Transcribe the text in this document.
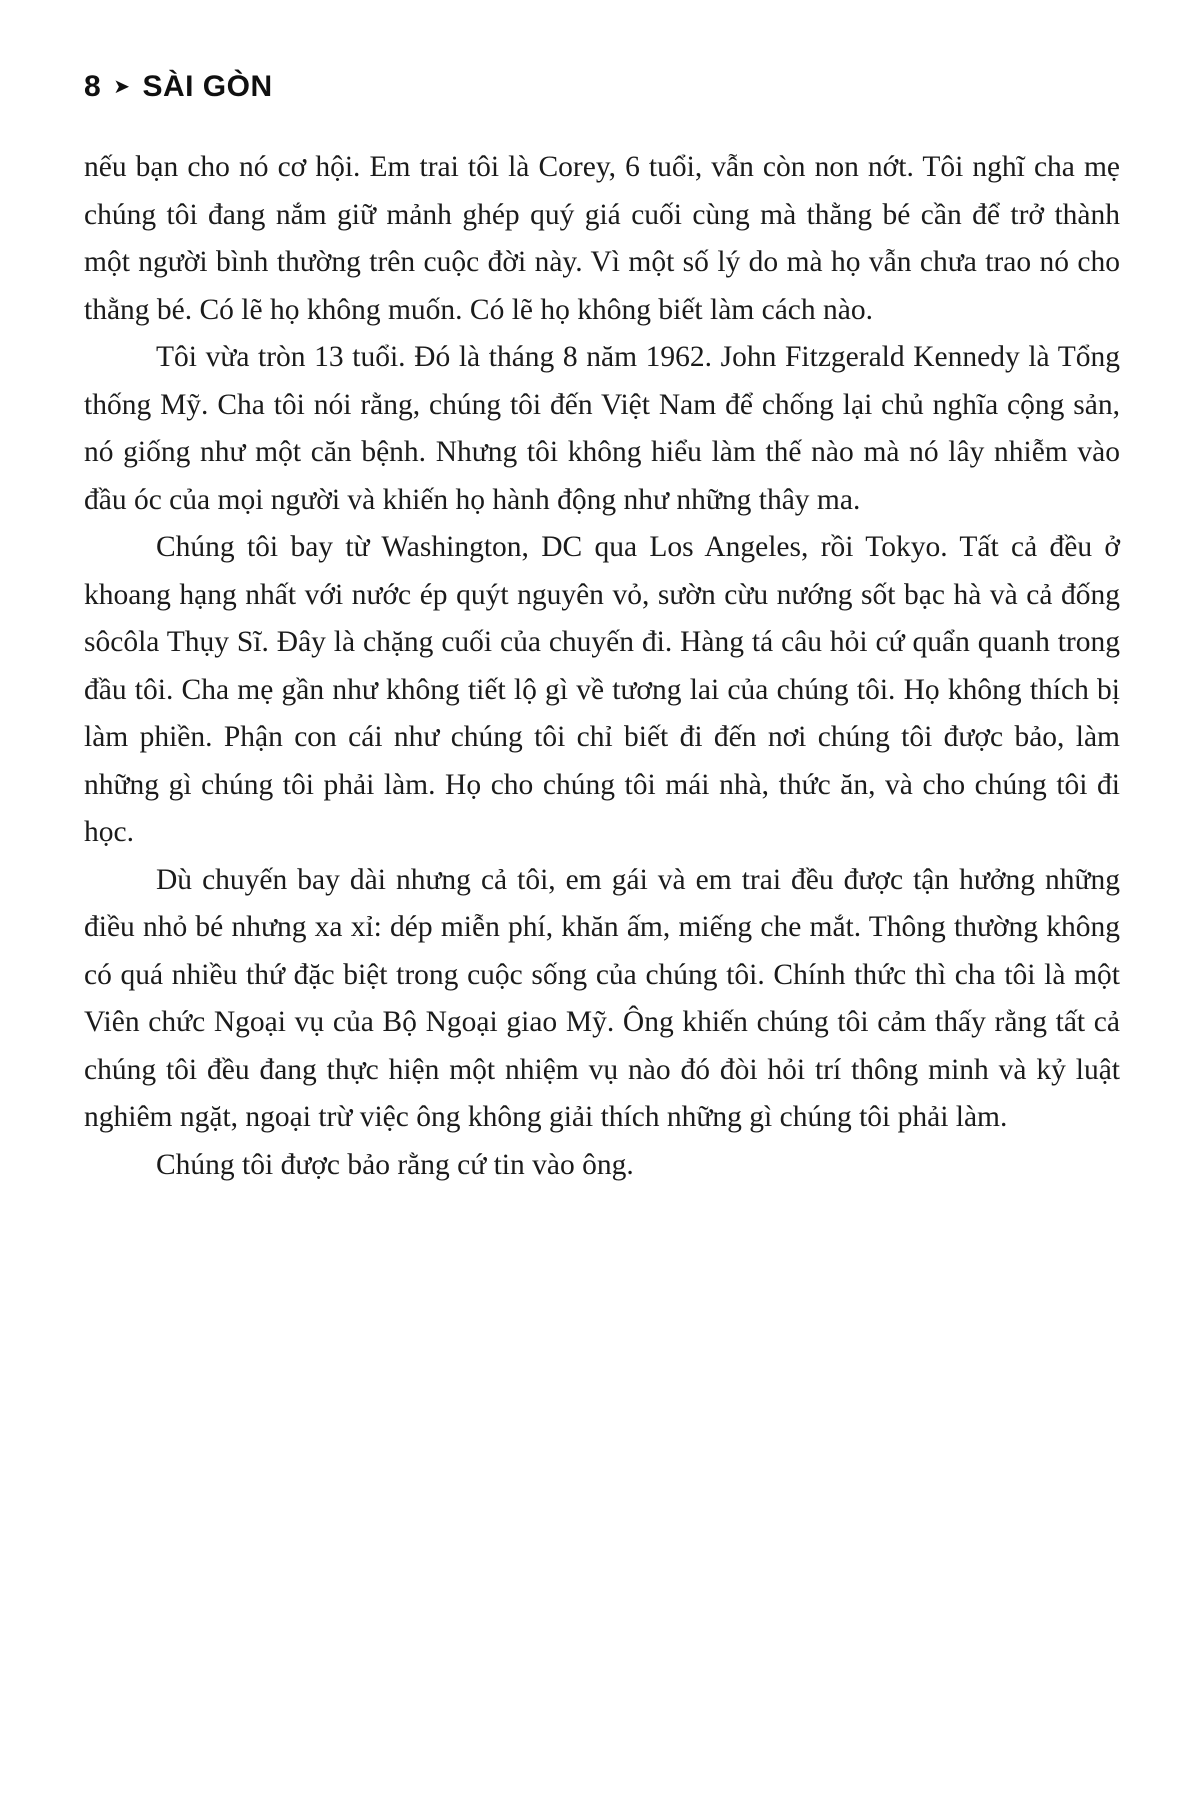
8 ➤ SÀI GÒN

nếu bạn cho nó cơ hội. Em trai tôi là Corey, 6 tuổi, vẫn còn non nớt. Tôi nghĩ cha mẹ chúng tôi đang nắm giữ mảnh ghép quý giá cuối cùng mà thằng bé cần để trở thành một người bình thường trên cuộc đời này. Vì một số lý do mà họ vẫn chưa trao nó cho thằng bé. Có lẽ họ không muốn. Có lẽ họ không biết làm cách nào.

Tôi vừa tròn 13 tuổi. Đó là tháng 8 năm 1962. John Fitzgerald Kennedy là Tổng thống Mỹ. Cha tôi nói rằng, chúng tôi đến Việt Nam để chống lại chủ nghĩa cộng sản, nó giống như một căn bệnh. Nhưng tôi không hiểu làm thế nào mà nó lây nhiễm vào đầu óc của mọi người và khiến họ hành động như những thây ma.

Chúng tôi bay từ Washington, DC qua Los Angeles, rồi Tokyo. Tất cả đều ở khoang hạng nhất với nước ép quýt nguyên vỏ, sườn cừu nướng sốt bạc hà và cả đống sôcôla Thụy Sĩ. Đây là chặng cuối của chuyến đi. Hàng tá câu hỏi cứ quẩn quanh trong đầu tôi. Cha mẹ gần như không tiết lộ gì về tương lai của chúng tôi. Họ không thích bị làm phiền. Phận con cái như chúng tôi chỉ biết đi đến nơi chúng tôi được bảo, làm những gì chúng tôi phải làm. Họ cho chúng tôi mái nhà, thức ăn, và cho chúng tôi đi học.

Dù chuyến bay dài nhưng cả tôi, em gái và em trai đều được tận hưởng những điều nhỏ bé nhưng xa xỉ: dép miễn phí, khăn ấm, miếng che mắt. Thông thường không có quá nhiều thứ đặc biệt trong cuộc sống của chúng tôi. Chính thức thì cha tôi là một Viên chức Ngoại vụ của Bộ Ngoại giao Mỹ. Ông khiến chúng tôi cảm thấy rằng tất cả chúng tôi đều đang thực hiện một nhiệm vụ nào đó đòi hỏi trí thông minh và kỷ luật nghiêm ngặt, ngoại trừ việc ông không giải thích những gì chúng tôi phải làm.

Chúng tôi được bảo rằng cứ tin vào ông.
